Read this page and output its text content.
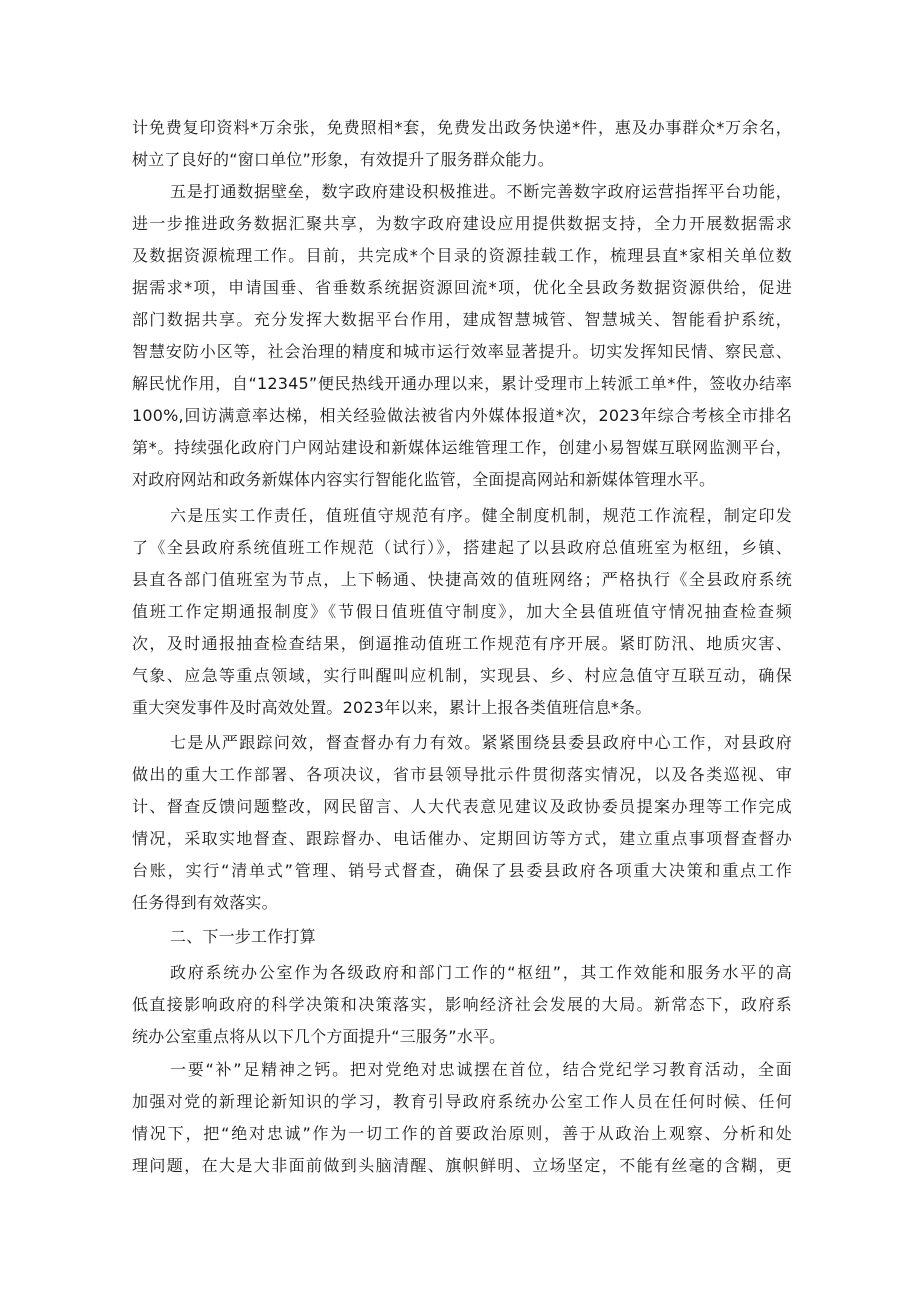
计免费复印资料*万余张，免费照相*套，免费发出政务快递*件，惠及办事群众*万余名，
树立了良好的“窗口单位”形象，有效提升了服务群众能力。
五是打通数据壁垒，数字政府建设积极推进。不断完善数字政府运营指挥平台功能，
进一步推进政务数据汇聚共享，为数字政府建设应用提供数据支持，全力开展数据需求
及数据资源梳理工作。目前，共完成*个目录的资源挂载工作，梳理县直*家相关单位数
据需求*项，申请国垂、省垂数系统据资源回流*项，优化全县政务数据资源供给，促进
部门数据共享。充分发挥大数据平台作用，建成智慧城管、智慧城关、智能看护系统，
智慧安防小区等，社会治理的精度和城市运行效率显著提升。切实发挥知民情、察民意、
解民忧作用，自“12345”便民热线开通办理以来，累计受理市上转派工单*件，签收办结率
100%,回访满意率达梯，相关经验做法被省内外媒体报道*次，2023年综合考核全市排名
第*。持续强化政府门户网站建设和新媒体运维管理工作，创建小易智媒互联网监测平台，
对政府网站和政务新媒体内容实行智能化监管，全面提高网站和新媒体管理水平。
六是压实工作责任，值班值守规范有序。健全制度机制，规范工作流程，制定印发
了《全县政府系统值班工作规范（试行）》，搭建起了以县政府总值班室为枢纽，乡镇、
县直各部门值班室为节点，上下畅通、快捷高效的值班网络；严格执行《全县政府系统
值班工作定期通报制度》《节假日值班值守制度》，加大全县值班值守情况抽查检查频
次，及时通报抽查检查结果，倒逼推动值班工作规范有序开展。紧盯防汛、地质灾害、
气象、应急等重点领域，实行叫醒叫应机制，实现县、乡、村应急值守互联互动，确保
重大突发事件及时高效处置。2023年以来，累计上报各类值班信息*条。
七是从严跟踪问效，督查督办有力有效。紧紧围绕县委县政府中心工作，对县政府
做出的重大工作部署、各项决议，省市县领导批示件贯彻落实情况，以及各类巡视、审
计、督查反馈问题整改，网民留言、人大代表意见建议及政协委员提案办理等工作完成
情况，采取实地督查、跟踪督办、电话催办、定期回访等方式，建立重点事项督查督办
台账，实行“清单式”管理、销号式督查，确保了县委县政府各项重大决策和重点工作
任务得到有效落实。
二、下一步工作打算
政府系统办公室作为各级政府和部门工作的“枢纽”，其工作效能和服务水平的高
低直接影响政府的科学决策和决策落实，影响经济社会发展的大局。新常态下，政府系
统办公室重点将从以下几个方面提升“三服务”水平。
一要“补”足精神之钙。把对党绝对忠诚摆在首位，结合党纪学习教育活动，全面
加强对党的新理论新知识的学习，教育引导政府系统办公室工作人员在任何时候、任何
情况下，把“绝对忠诚”作为一切工作的首要政治原则，善于从政治上观察、分析和处
理问题，在大是大非面前做到头脑清醒、旗帜鲜明、立场坚定，不能有丝毫的含糊，更
